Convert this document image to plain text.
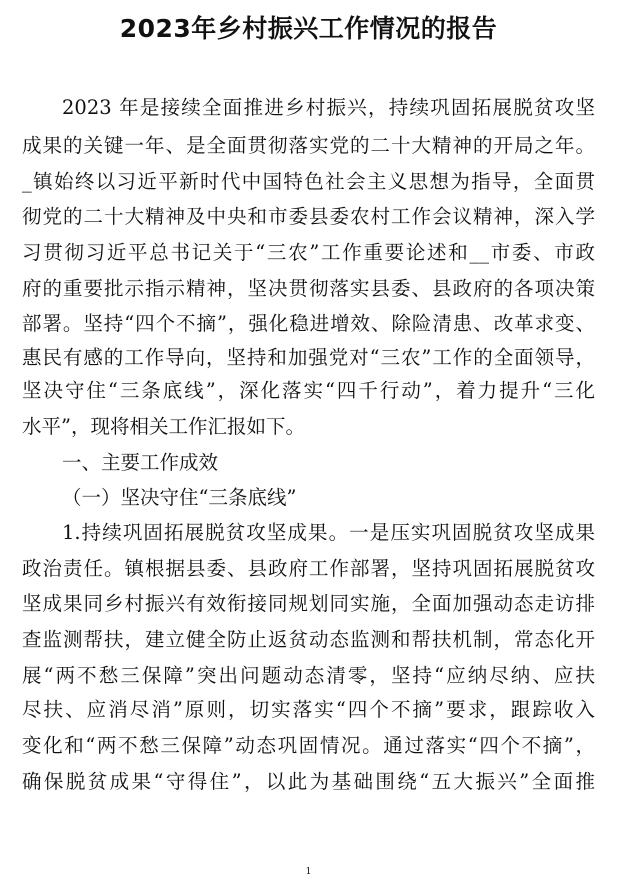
2023年乡村振兴工作情况的报告
2023 年是接续全面推进乡村振兴，持续巩固拓展脱贫攻坚
成果的关键一年、是全面贯彻落实党的二十大精神的开局之年。
_镇始终以习近平新时代中国特色社会主义思想为指导，全面贯
彻党的二十大精神及中央和市委县委农村工作会议精神，深入学
习贯彻习近平总书记关于“三农”工作重要论述和__市委、市政
府的重要批示指示精神，坚决贯彻落实县委、县政府的各项决策
部署。坚持“四个不摘”，强化稳进增效、除险清患、改革求变、
惠民有感的工作导向，坚持和加强党对“三农”工作的全面领导，
坚决守住“三条底线”，深化落实“四千行动”，着力提升“三化
水平”，现将相关工作汇报如下。
一、主要工作成效
（一）坚决守住“三条底线”
1.持续巩固拓展脱贫攻坚成果。一是压实巩固脱贫攻坚成果
政治责任。镇根据县委、县政府工作部署，坚持巩固拓展脱贫攻
坚成果同乡村振兴有效衔接同规划同实施，全面加强动态走访排
查监测帮扶，建立健全防止返贫动态监测和帮扶机制，常态化开
展“两不愁三保障”突出问题动态清零，坚持“应纳尽纳、应扶
尽扶、应消尽消”原则，切实落实“四个不摘”要求，跟踪收入
变化和“两不愁三保障”动态巩固情况。通过落实“四个不摘”，
确保脱贫成果“守得住”，以此为基础围绕“五大振兴”全面推
1
